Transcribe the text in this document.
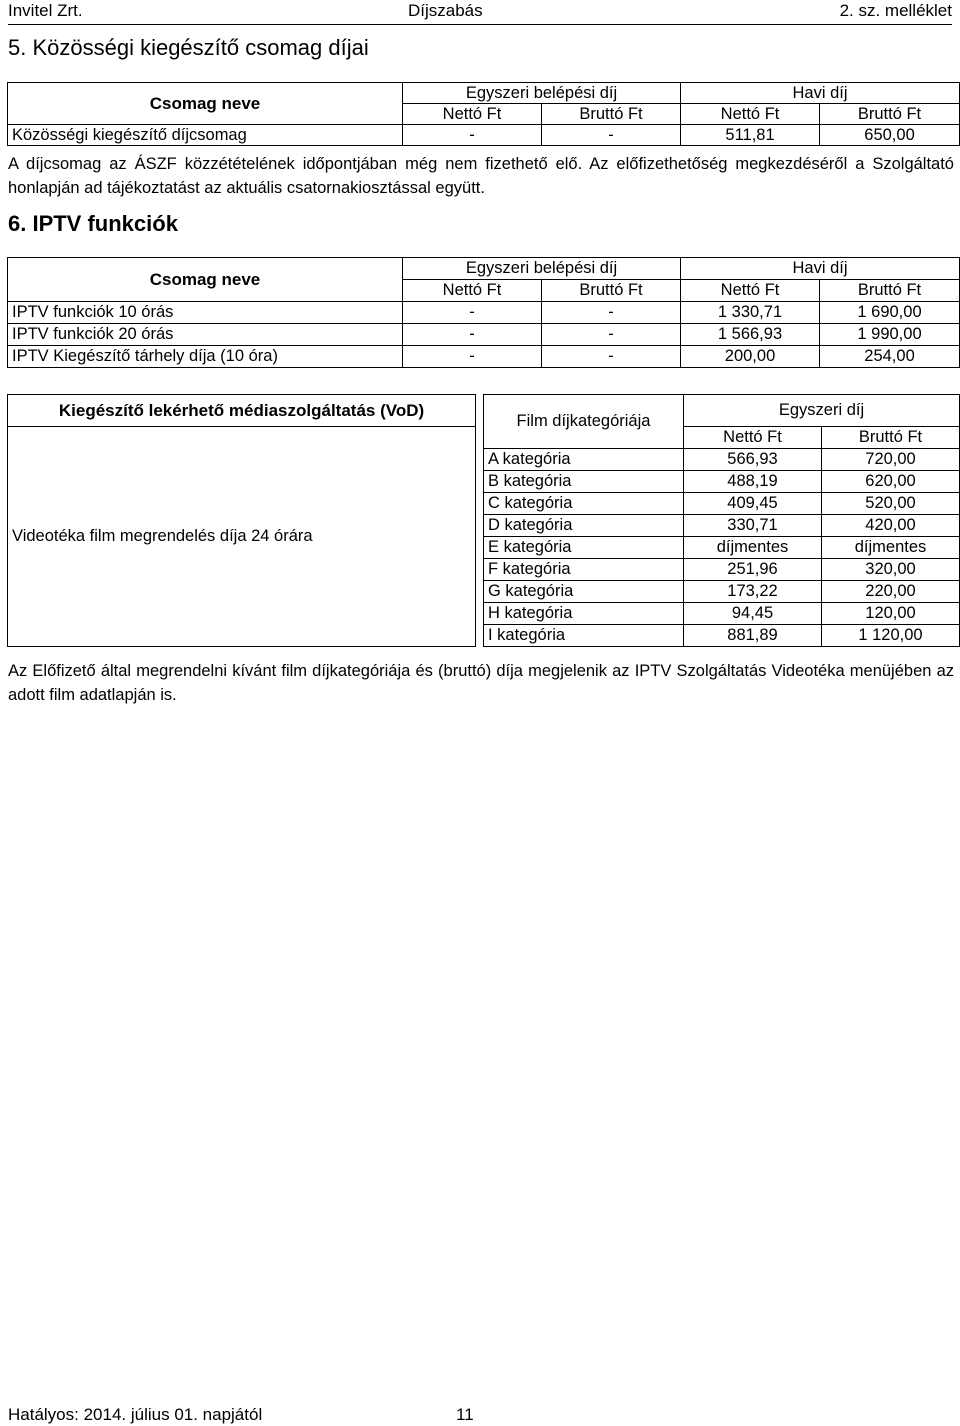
Invitel Zrt.	Díjszabás	2. sz. melléklet
5. Közösségi kiegészítő csomag díjai
Csomag neve	Egyszeri belépési díj		Havi díj	
	Nettó Ft	Bruttó Ft	Nettó Ft	Bruttó Ft
Közösségi kiegészítő díjcsomag	-	-	511,81	650,00
A díjcsomag az ÁSZF közzétételének időpontjában még nem fizethető elő. Az előfizethetőség megkezdéséről a Szolgáltató honlapján ad tájékoztatást az aktuális csatornakiosztással együtt.
6. IPTV funkciók
Csomag neve	Egyszeri belépési díj		Havi díj	
	Nettó Ft	Bruttó Ft	Nettó Ft	Bruttó Ft
IPTV funkciók 10 órás	-	-	1 330,71	1 690,00
IPTV funkciók 20 órás	-	-	1 566,93	1 990,00
IPTV Kiegészítő tárhely díja (10 óra)	-	-	200,00	254,00
Kiegészítő lekérhető médiaszolgáltatás (VoD)		Film díjkategóriája	Egyszeri díj	
Videotéka film megrendelés díja 24 órára			Nettó Ft	Bruttó Ft
		A kategória	566,93	720,00
		B kategória	488,19	620,00
		C kategória	409,45	520,00
		D kategória	330,71	420,00
		E kategória	díjmentes	díjmentes
		F kategória	251,96	320,00
		G kategória	173,22	220,00
		H kategória	94,45	120,00
		I kategória	881,89	1 120,00
Az Előfizető által megrendelni kívánt film díjkategóriája és (bruttó) díja megjelenik az IPTV Szolgáltatás Videotéka menüjében az adott film adatlapján is.
Hatályos: 2014. július 01. napjától	11
